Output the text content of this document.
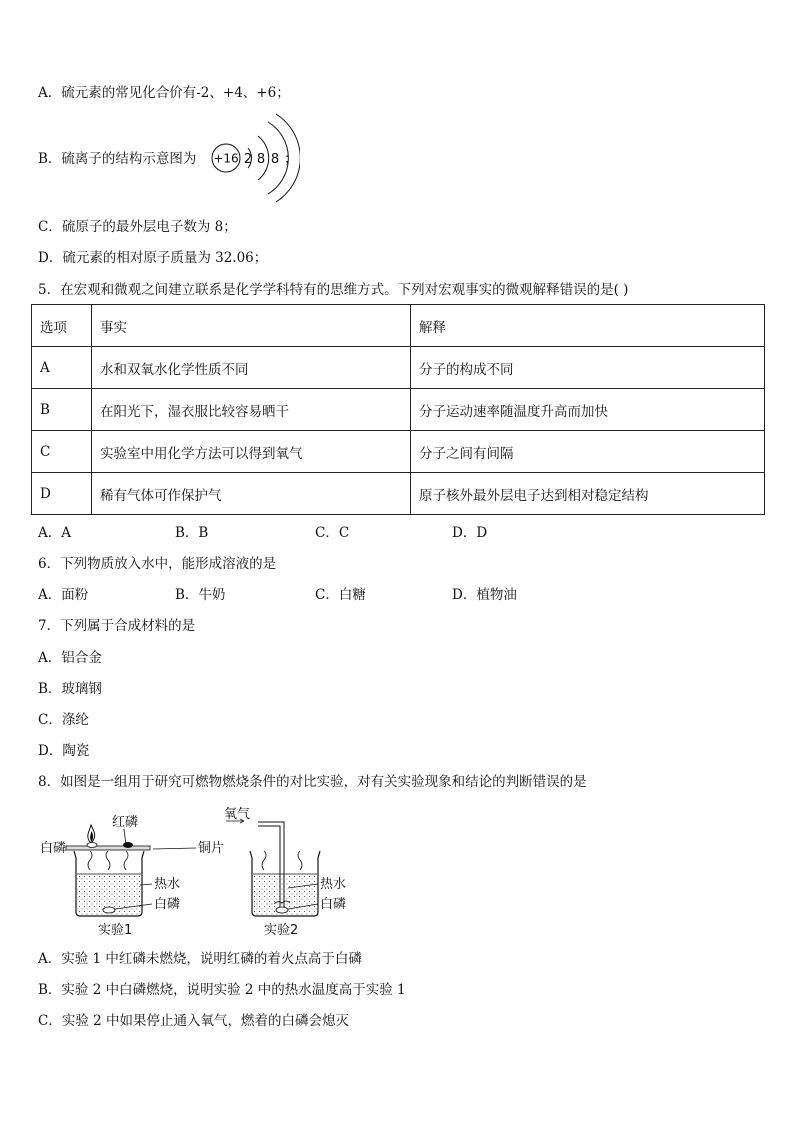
A．硫元素的常见化合价有-2、+4、+6；
B．硫离子的结构示意图为 +16 2 8 8 ；
C．硫原子的最外层电子数为 8；
D．硫元素的相对原子质量为 32.06；
5．在宏观和微观之间建立联系是化学学科特有的思维方式。下列对宏观事实的微观解释错误的是( )
选项	事实	解释
A	水和双氧水化学性质不同	分子的构成不同
B	在阳光下，湿衣服比较容易晒干	分子运动速率随温度升高而加快
C	实验室中用化学方法可以得到氧气	分子之间有间隔
D	稀有气体可作保护气	原子核外最外层电子达到相对稳定结构
A．A	B．B	C．C	D．D
6．下列物质放入水中，能形成溶液的是
A．面粉	B．牛奶	C．白糖	D．植物油
7．下列属于合成材料的是
A．铝合金
B．玻璃钢
C．涤纶
D．陶瓷
8．如图是一组用于研究可燃物燃烧条件的对比实验，对有关实验现象和结论的判断错误的是
红磷
白磷	铜片
热水
白磷
实验1
氧气
热水
白磷
实验2
A．实验 1 中红磷未燃烧，说明红磷的着火点高于白磷
B．实验 2 中白磷燃烧，说明实验 2 中的热水温度高于实验 1
C．实验 2 中如果停止通入氧气，燃着的白磷会熄灭
